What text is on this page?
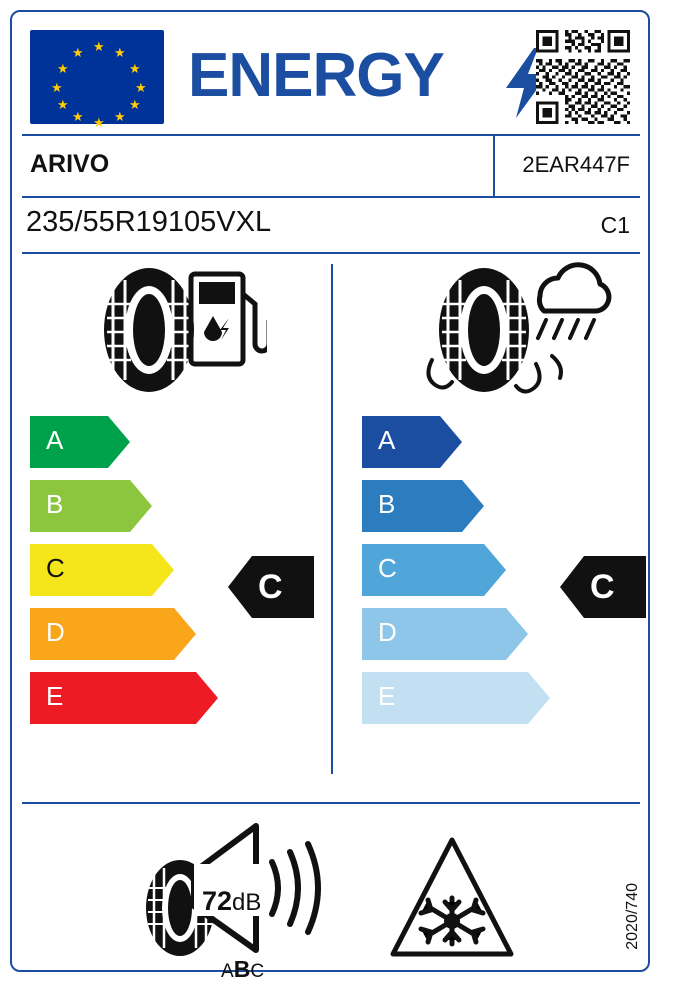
★
★ ★
★	★
★	★
★	★
★ ★
★
ENERGY
ARIVO	2EAR447F
235/55R19105VXL	C1
A
B
C
D
E
C
A
B
C
D
E
C
72dB
ABC
2020/740
